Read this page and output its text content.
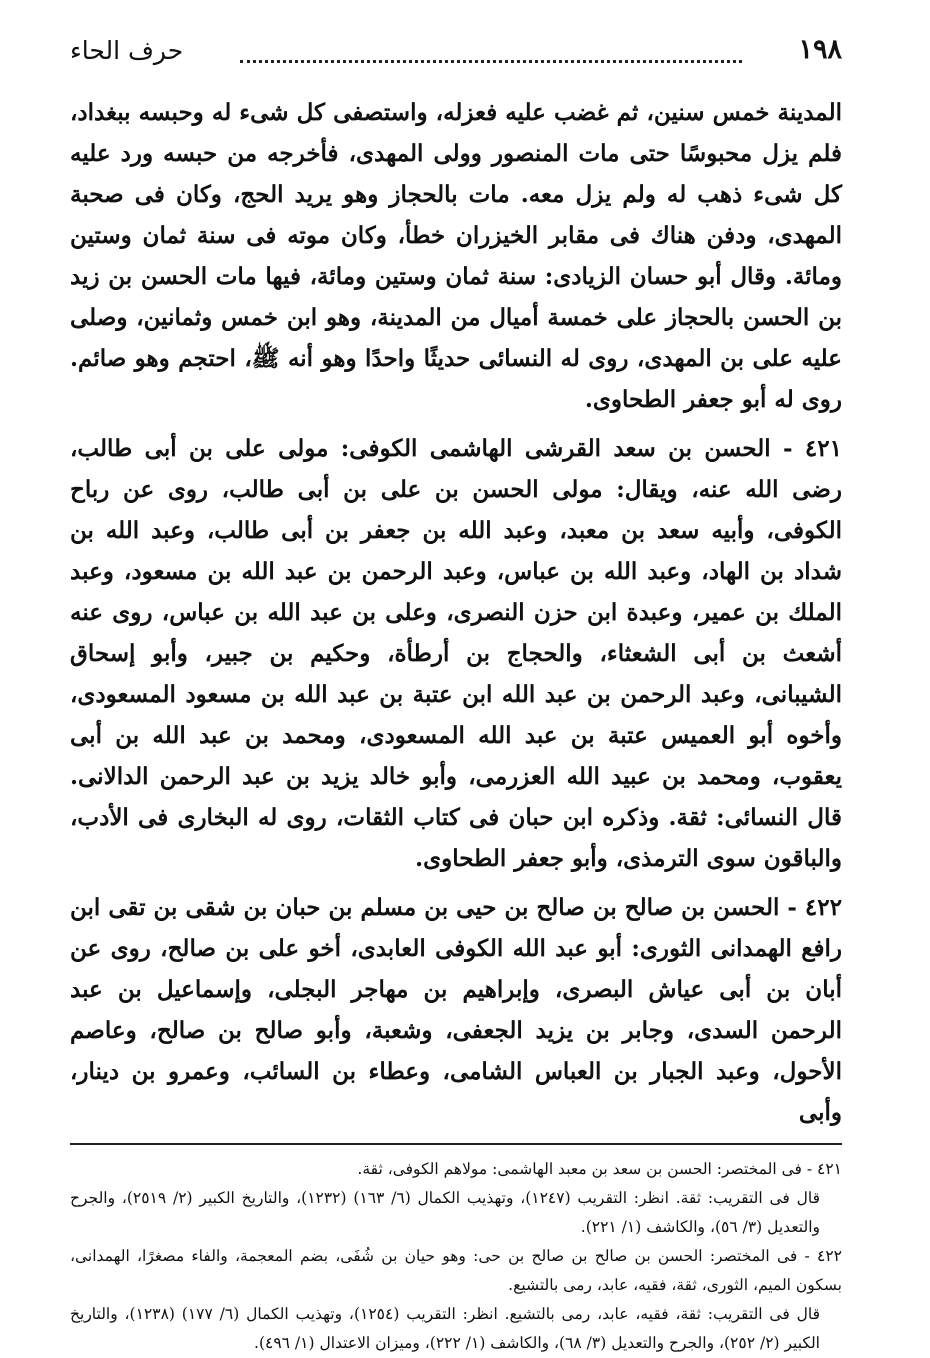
١٩٨
حرف الحاء

المدينة خمس سنين، ثم غضب عليه فعزله، واستصفى كل شىء له وحبسه ببغداد، فلم يزل محبوسًا حتى مات المنصور وولى المهدى، فأخرجه من حبسه ورد عليه كل شىء ذهب له ولم يزل معه. مات بالحجاز وهو يريد الحج، وكان فى صحبة المهدى، ودفن هناك فى مقابر الخيزران خطأ، وكان موته فى سنة ثمان وستين ومائة. وقال أبو حسان الزيادى: سنة ثمان وستين ومائة، فيها مات الحسن بن زيد بن الحسن بالحجاز على خمسة أميال من المدينة، وهو ابن خمس وثمانين، وصلى عليه على بن المهدى، روى له النسائى حديثًا واحدًا وهو أنه ﷺ، احتجم وهو صائم. روى له أبو جعفر الطحاوى.

٤٢١ - الحسن بن سعد القرشى الهاشمى الكوفى: مولى على بن أبى طالب، رضى الله عنه، ويقال: مولى الحسن بن على بن أبى طالب، روى عن رباح الكوفى، وأبيه سعد بن معبد، وعبد الله بن جعفر بن أبى طالب، وعبد الله بن شداد بن الهاد، وعبد الله بن عباس، وعبد الرحمن بن عبد الله بن مسعود، وعبد الملك بن عمير، وعبدة ابن حزن النصرى، وعلى بن عبد الله بن عباس، روى عنه أشعث بن أبى الشعثاء، والحجاج بن أرطأة، وحكيم بن جبير، وأبو إسحاق الشيبانى، وعبد الرحمن بن عبد الله ابن عتبة بن عبد الله بن مسعود المسعودى، وأخوه أبو العميس عتبة بن عبد الله المسعودى، ومحمد بن عبد الله بن أبى يعقوب، ومحمد بن عبيد الله العزرمى، وأبو خالد يزيد بن عبد الرحمن الدالانى. قال النسائى: ثقة. وذكره ابن حبان فى كتاب الثقات، روى له البخارى فى الأدب، والباقون سوى الترمذى، وأبو جعفر الطحاوى.

٤٢٢ - الحسن بن صالح بن صالح بن حيى بن مسلم بن حبان بن شقى بن تقى ابن رافع الهمدانى الثورى: أبو عبد الله الكوفى العابدى، أخو على بن صالح، روى عن أبان بن أبى عياش البصرى، وإبراهيم بن مهاجر البجلى، وإسماعيل بن عبد الرحمن السدى، وجابر بن يزيد الجعفى، وشعبة، وأبو صالح بن صالح، وعاصم الأحول، وعبد الجبار بن العباس الشامى، وعطاء بن السائب، وعمرو بن دينار، وأبى

٤٢١ - فى المختصر: الحسن بن سعد بن معبد الهاشمى: مولاهم الكوفى، ثقة.

قال فى التقريب: ثقة. انظر: التقريب (١٢٤٧)، وتهذيب الكمال (٦/ ١٦٣) (١٢٣٢)، والتاريخ الكبير (٢/ ٢٥١٩)، والجرح والتعديل (٣/ ٥٦)، والكاشف (١/ ٢٢١).

٤٢٢ - فى المختصر: الحسن بن صالح بن صالح بن حى: وهو حيان بن شُفَى، بضم المعجمة، والفاء مصغرًا، الهمدانى، بسكون الميم، الثورى، ثقة، فقيه، عابد، رمى بالتشيع.

قال فى التقريب: ثقة، فقيه، عابد، رمى بالتشيع. انظر: التقريب (١٢٥٤)، وتهذيب الكمال (٦/ ١٧٧) (١٢٣٨)، والتاريخ الكبير (٢/ ٢٥٢)، والجرح والتعديل (٣/ ٦٨)، والكاشف (١/ ٢٢٢)، وميزان الاعتدال (١/ ٤٩٦).
